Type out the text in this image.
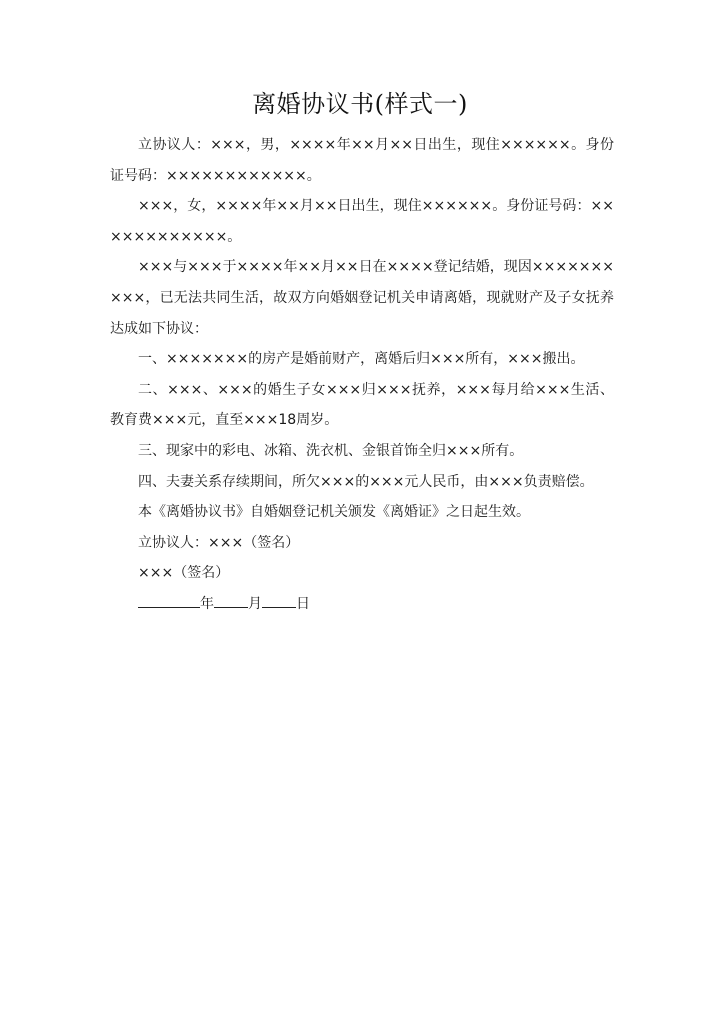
离婚协议书(样式一)

立协议人：×××，男，××××年××月××日出生，现住××××××。身份证号码：××××××××××××。

×××，女，××××年××月××日出生，现住××××××。身份证号码：××××××××××××。

×××与×××于××××年××月××日在××××登记结婚，现因××××××××××，已无法共同生活，故双方向婚姻登记机关申请离婚，现就财产及子女抚养达成如下协议：

一、×××××××的房产是婚前财产，离婚后归×××所有，×××搬出。

二、×××、×××的婚生子女×××归×××抚养，×××每月给×××生活、教育费×××元，直至×××18周岁。

三、现家中的彩电、冰箱、洗衣机、金银首饰全归×××所有。

四、夫妻关系存续期间，所欠×××的×××元人民币，由×××负责赔偿。

本《离婚协议书》自婚姻登记机关颁发《离婚证》之日起生效。

立协议人：×××（签名）

×××（签名）

年 月 日
